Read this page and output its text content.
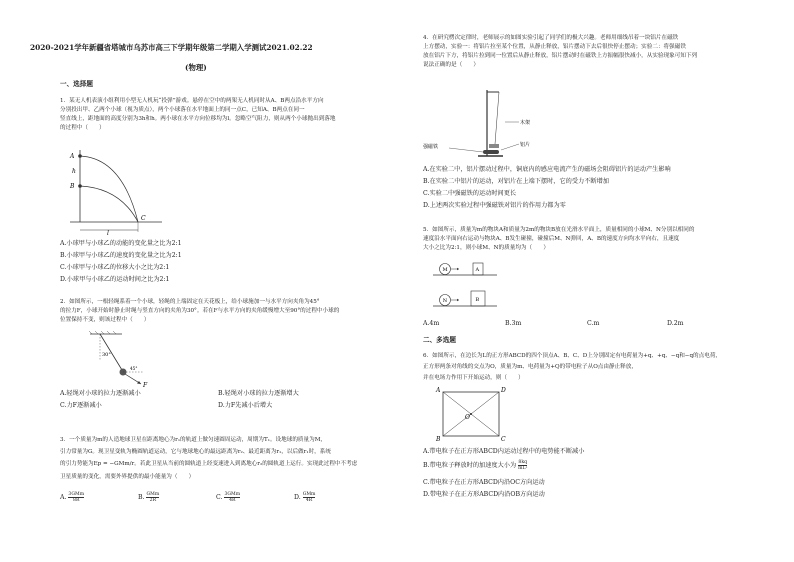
2020-2021学年新疆省塔城市乌苏市高三下学期年级第二学期入学测试2021.02.22
(物理)
一、选择题
1．某无人机表演小组利用小型无人机玩“投弹”游戏。悬停在空中的两架无人机同时从A、B两点沿水平方向
分别投出甲、乙两个小球（视为质点），两个小球落在水平地面上的同一点C，已知A、B两点在同一
竖直线上，距地面的高度分别为3h和h。两小球在水平方向位移均为l。忽略空气阻力，则从两个小球抛出到落地
的过程中（　　）
A
B
h
C
l
A.小球甲与小球乙的动能的变化量之比为2:1
B.小球甲与小球乙的速度的变化量之比为2:1
C.小球甲与小球乙的位移大小之比为2:1
D.小球甲与小球乙的运动时间之比为2:1
2．如图所示，一根轻绳系着一个小球，轻绳的上端固定在天花板上，给小球施加一与水平方向夹角为45°
的拉力F，小球开始时静止时绳与竖直方向的夹角为30°。若在F与水平方向的夹角缓慢增大至90°的过程中小球的
位置保持不变，则该过程中（　　）
30°
45°
F
A.轻绳对小球的拉力逐渐减小	B.轻绳对小球的拉力逐渐增大
C.力F逐渐减小	D.力F先减小后增大
3．一个质量为m的人造地球卫星在距离地心为r₁的轨道上做匀速圆周运动，周期为T₁。设地球的质量为M，
引力常量为G。现卫星变轨为椭圆轨道运动，它与地球地心的最远距离为r₂、最近距离为r₁，以后做r₁时，系统
的引力势能为Ep = −GMm/r。若此卫星从当前的圆轨道上经变速进入到离地心r₂的圆轨道上运行。实现此过程中不考虑
卫星质量的变化，需要外界提供的最小能量为（　　）
A. $\frac{\text{3GMm}}{8R}$	B. $\frac{\text{GMm}}{2R}$	C. $\frac{\text{3GMm}}{4R}$	D. $\frac{\text{GMm}}{4R}$
4．在研究楞次定律时，老师展示的如图实验引起了同学们的极大兴趣。老师用细线吊着一块铝片在磁铁
上方摆动，实验一：将铝片拉至某个位置，从静止释放，铝片摆动下去后很快停止摆动；实验二：将强磁铁
放在铝片下方，将铝片拉到同一位置后从静止释放，铝片摆动时在磁铁上方振幅很快减小，从实验现象可知下列
说法正确的是（　　）
木架
强磁铁	铝片
A.在实验二中，铝片摆动过程中，铜底内的感应电流产生的磁场会阻碍铝片的运动产生影响
B.在实验二中铝片的运动，对铝片在上端下摆时，它的受力不断增加
C.实验二中强磁铁的运动时间更长
D.上述两次实验过程中强磁铁对铝片的作用力都为零
5．如图所示，质量为m的物块A和质量为2m的物块B放在光滑水平面上，质量相同的小球M、N分别以相同的
速度沿水平面向右运动与物块A、B发生碰撞，碰撞后M、N弹回，A、B的速度方向均水平向右，且速度
大小之比为2:1，则小球M、N的质量均为（　　）
M	A
N	B
A.4m	B.3m	C.m	D.2m
二、多选题
6．如图所示，在边长为L的正方形ABCD的四个顶点A、B、C、D上分别固定有电荷量为+q、+q、−q和−q的点电荷，
正方形两条对角线的交点为O，质量为m、电荷量为+Q的带电粒子从O点由静止释放，
并在电场力作用下开始运动，则（　　）
A	D
B	C
O
A.带电粒子在正方形ABCD内运动过程中的电势能不断减小
B.带电粒子释放时的加速度大小为 $\frac{8kq}{\text{mL²}}$
C.带电粒子在正方形ABCD内沿OC方向运动
D.带电粒子在正方形ABCD内沿OB方向运动
